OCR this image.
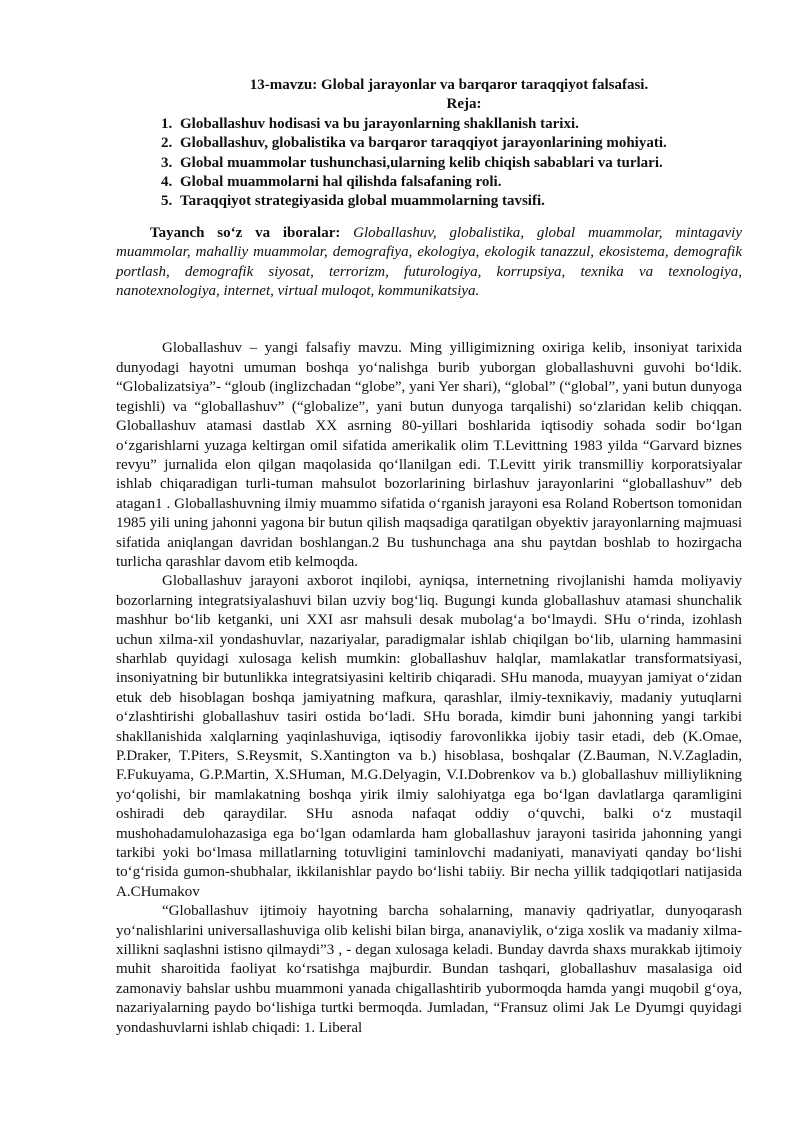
13-mavzu: Global jarayonlar va barqaror taraqqiyot falsafasi.

Reja:

1. Globallashuv hodisasi va bu jarayonlarning shakllanish tarixi.
2. Globallashuv, globalistika va barqaror taraqqiyot jarayonlarining mohiyati.
3. Global muammolar tushunchasi,ularning kelib chiqish sabablari va turlari.
4. Global muammolarni hal qilishda falsafaning roli.
5. Taraqqiyot strategiyasida global muammolarning tavsifi.

Tayanch so‘z va iboralar: Globallashuv, globalistika, global muammolar, mintagaviy muammolar, mahalliy muammolar, demografiya, ekologiya, ekologik tanazzul, ekosistema, demografik portlash, demografik siyosat, terrorizm, futurologiya, korrupsiya, texnika va texnologiya, nanotexnologiya, internet, virtual muloqot, kommunikatsiya.

Globallashuv – yangi falsafiy mavzu. Ming yilligimizning oxiriga kelib, insoniyat tarixida dunyodagi hayotni umuman boshqa yo‘nalishga burib yuborgan globallashuvni guvohi bo‘ldik. “Globalizatsiya”- “gloub (inglizchadan “globe”, yani Yer shari), “global” (“global”, yani butun dunyoga tegishli) va “globallashuv” (“globalize”, yani butun dunyoga tarqalishi) so‘zlaridan kelib chiqqan. Globallashuv atamasi dastlab XX asrning 80-yillari boshlarida iqtisodiy sohada sodir bo‘lgan o‘zgarishlarni yuzaga keltirgan omil sifatida amerikalik olim T.Levittning 1983 yilda “Garvard biznes revyu” jurnalida elon qilgan maqolasida qo‘llanilgan edi. T.Levitt yirik transmilliy korporatsiyalar ishlab chiqaradigan turli-tuman mahsulot bozorlarining birlashuv jarayonlarini “globallashuv” deb atagan1 . Globallashuvning ilmiy muammo sifatida o‘rganish jarayoni esa Roland Robertson tomonidan 1985 yili uning jahonni yagona bir butun qilish maqsadiga qaratilgan obyektiv jarayonlarning majmuasi sifatida aniqlangan davridan boshlangan.2 Bu tushunchaga ana shu paytdan boshlab to hozirgacha turlicha qarashlar davom etib kelmoqda.

Globallashuv jarayoni axborot inqilobi, ayniqsa, internetning rivojlanishi hamda moliyaviy bozorlarning integratsiyalashuvi bilan uzviy bog‘liq. Bugungi kunda globallashuv atamasi shunchalik mashhur bo‘lib ketganki, uni XXI asr mahsuli desak mubolag‘a bo‘lmaydi. SHu o‘rinda, izohlash uchun xilma-xil yondashuvlar, nazariyalar, paradigmalar ishlab chiqilgan bo‘lib, ularning hammasini sharhlab quyidagi xulosaga kelish mumkin: globallashuv halqlar, mamlakatlar transformatsiyasi, insoniyatning bir butunlikka integratsiyasini keltirib chiqaradi. SHu manoda, muayyan jamiyat o‘zidan etuk deb hisoblagan boshqa jamiyatning mafkura, qarashlar, ilmiy-texnikaviy, madaniy yutuqlarni o‘zlashtirishi globallashuv tasiri ostida bo‘ladi. SHu borada, kimdir buni jahonning yangi tarkibi shakllanishida xalqlarning yaqinlashuviga, iqtisodiy farovonlikka ijobiy tasir etadi, deb (K.Omae, P.Draker, T.Piters, S.Reysmit, S.Xantington va b.) hisoblasa, boshqalar (Z.Bauman, N.V.Zagladin, F.Fukuyama, G.P.Martin, X.SHuman, M.G.Delyagin, V.I.Dobrenkov va b.) globallashuv milliylikning yo‘qolishi, bir mamlakatning boshqa yirik ilmiy salohiyatga ega bo‘lgan davlatlarga qaramligini oshiradi deb qaraydilar. SHu asnoda nafaqat oddiy o‘quvchi, balki o‘z mustaqil mushohadamulohazasiga ega bo‘lgan odamlarda ham globallashuv jarayoni tasirida jahonning yangi tarkibi yoki bo‘lmasa millatlarning totuvligini taminlovchi madaniyati, manaviyati qanday bo‘lishi to‘g‘risida gumon-shubhalar, ikkilanishlar paydo bo‘lishi tabiiy. Bir necha yillik tadqiqotlari natijasida A.CHumakov

“Globallashuv ijtimoiy hayotning barcha sohalarning, manaviy qadriyatlar, dunyoqarash yo‘nalishlarini universallashuviga olib kelishi bilan birga, ananaviylik, o‘ziga xoslik va madaniy xilma-xillikni saqlashni istisno qilmaydi”3 , - degan xulosaga keladi. Bunday davrda shaxs murakkab ijtimoiy muhit sharoitida faoliyat ko‘rsatishga majburdir. Bundan tashqari, globallashuv masalasiga oid zamonaviy bahslar ushbu muammoni yanada chigallashtirib yubormoqda hamda yangi muqobil g‘oya, nazariyalarning paydo bo‘lishiga turtki bermoqda. Jumladan, “Fransuz olimi Jak Le Dyumgi quyidagi yondashuvlarni ishlab chiqadi: 1. Liberal
